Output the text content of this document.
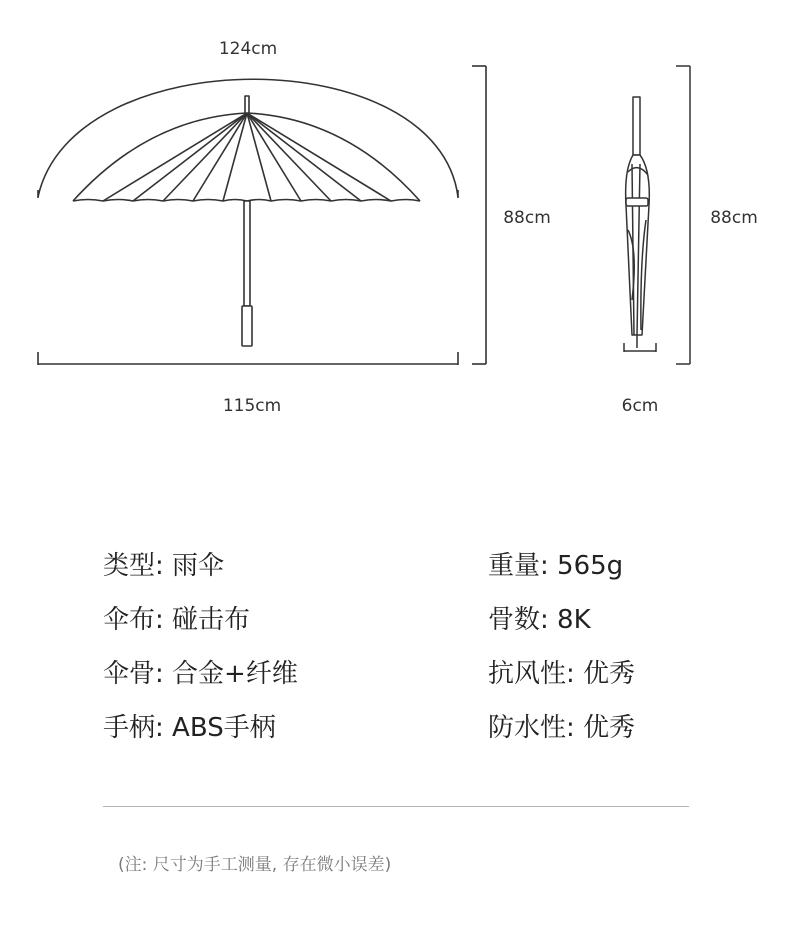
124cm
88cm
115cm
88cm
6cm
类型: 雨伞
伞布: 碰击布
伞骨: 合金+纤维
手柄: ABS手柄
重量: 565g
骨数: 8K
抗风性: 优秀
防水性: 优秀
(注: 尺寸为手工测量, 存在微小误差)
